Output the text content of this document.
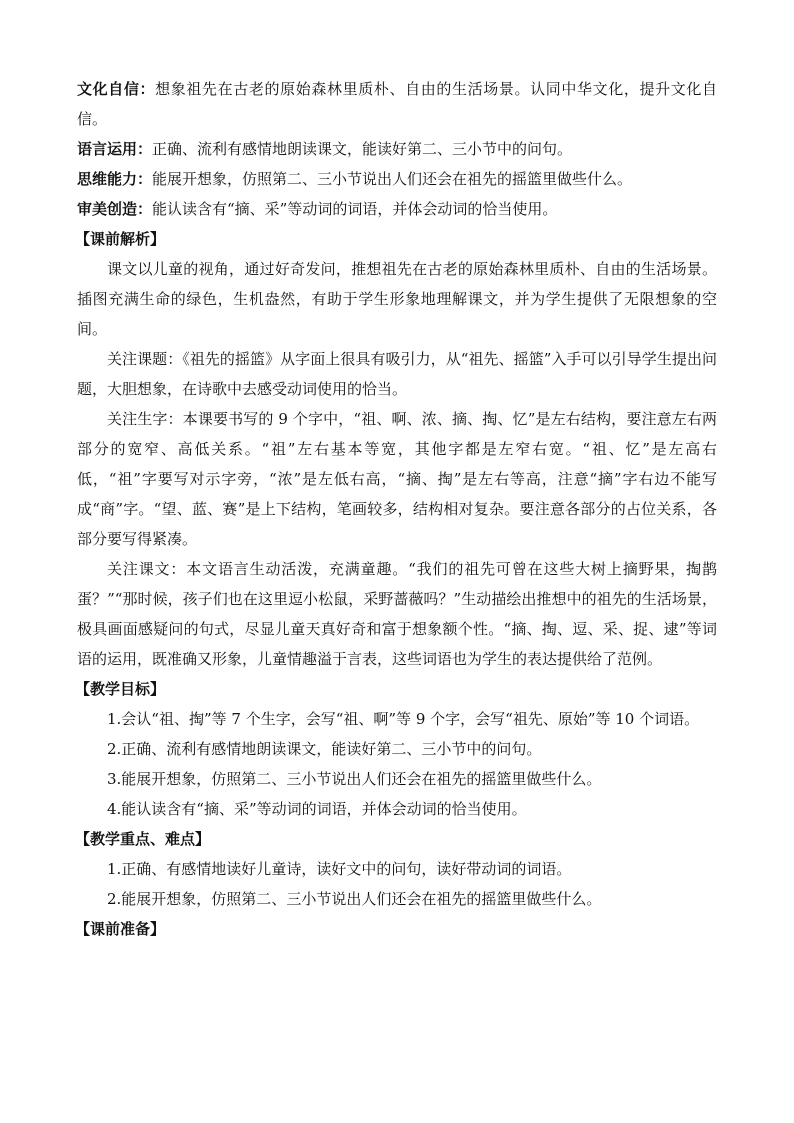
文化自信：想象祖先在古老的原始森林里质朴、自由的生活场景。认同中华文化，提升文化自信。

语言运用：正确、流利有感情地朗读课文，能读好第二、三小节中的问句。

思维能力：能展开想象，仿照第二、三小节说出人们还会在祖先的摇篮里做些什么。

审美创造：能认读含有“摘、采”等动词的词语，并体会动词的恰当使用。

【课前解析】

课文以儿童的视角，通过好奇发问，推想祖先在古老的原始森林里质朴、自由的生活场景。插图充满生命的绿色，生机盎然，有助于学生形象地理解课文，并为学生提供了无限想象的空间。

关注课题：《祖先的摇篮》从字面上很具有吸引力，从“祖先、摇篮”入手可以引导学生提出问题，大胆想象，在诗歌中去感受动词使用的恰当。

关注生字：本课要书写的 9 个字中，“祖、啊、浓、摘、掏、忆”是左右结构，要注意左右两部分的宽窄、高低关系。“祖”左右基本等宽，其他字都是左窄右宽。“祖、忆”是左高右低，“祖”字要写对示字旁，“浓”是左低右高，“摘、掏”是左右等高，注意“摘”字右边不能写成“商”字。“望、蓝、赛”是上下结构，笔画较多，结构相对复杂。要注意各部分的占位关系，各部分要写得紧凑。

关注课文：本文语言生动活泼，充满童趣。“我们的祖先可曾在这些大树上摘野果，掏鹊蛋？”“那时候，孩子们也在这里逗小松鼠，采野蔷薇吗？”生动描绘出推想中的祖先的生活场景，极具画面感疑问的句式，尽显儿童天真好奇和富于想象额个性。“摘、掏、逗、采、捉、逮”等词语的运用，既准确又形象，儿童情趣溢于言表，这些词语也为学生的表达提供给了范例。

【教学目标】

1.会认“祖、掏”等 7 个生字，会写“祖、啊”等 9 个字，会写“祖先、原始”等 10 个词语。

2.正确、流利有感情地朗读课文，能读好第二、三小节中的问句。

3.能展开想象，仿照第二、三小节说出人们还会在祖先的摇篮里做些什么。

4.能认读含有“摘、采”等动词的词语，并体会动词的恰当使用。

【教学重点、难点】

1.正确、有感情地读好儿童诗，读好文中的问句，读好带动词的词语。

2.能展开想象，仿照第二、三小节说出人们还会在祖先的摇篮里做些什么。

【课前准备】
